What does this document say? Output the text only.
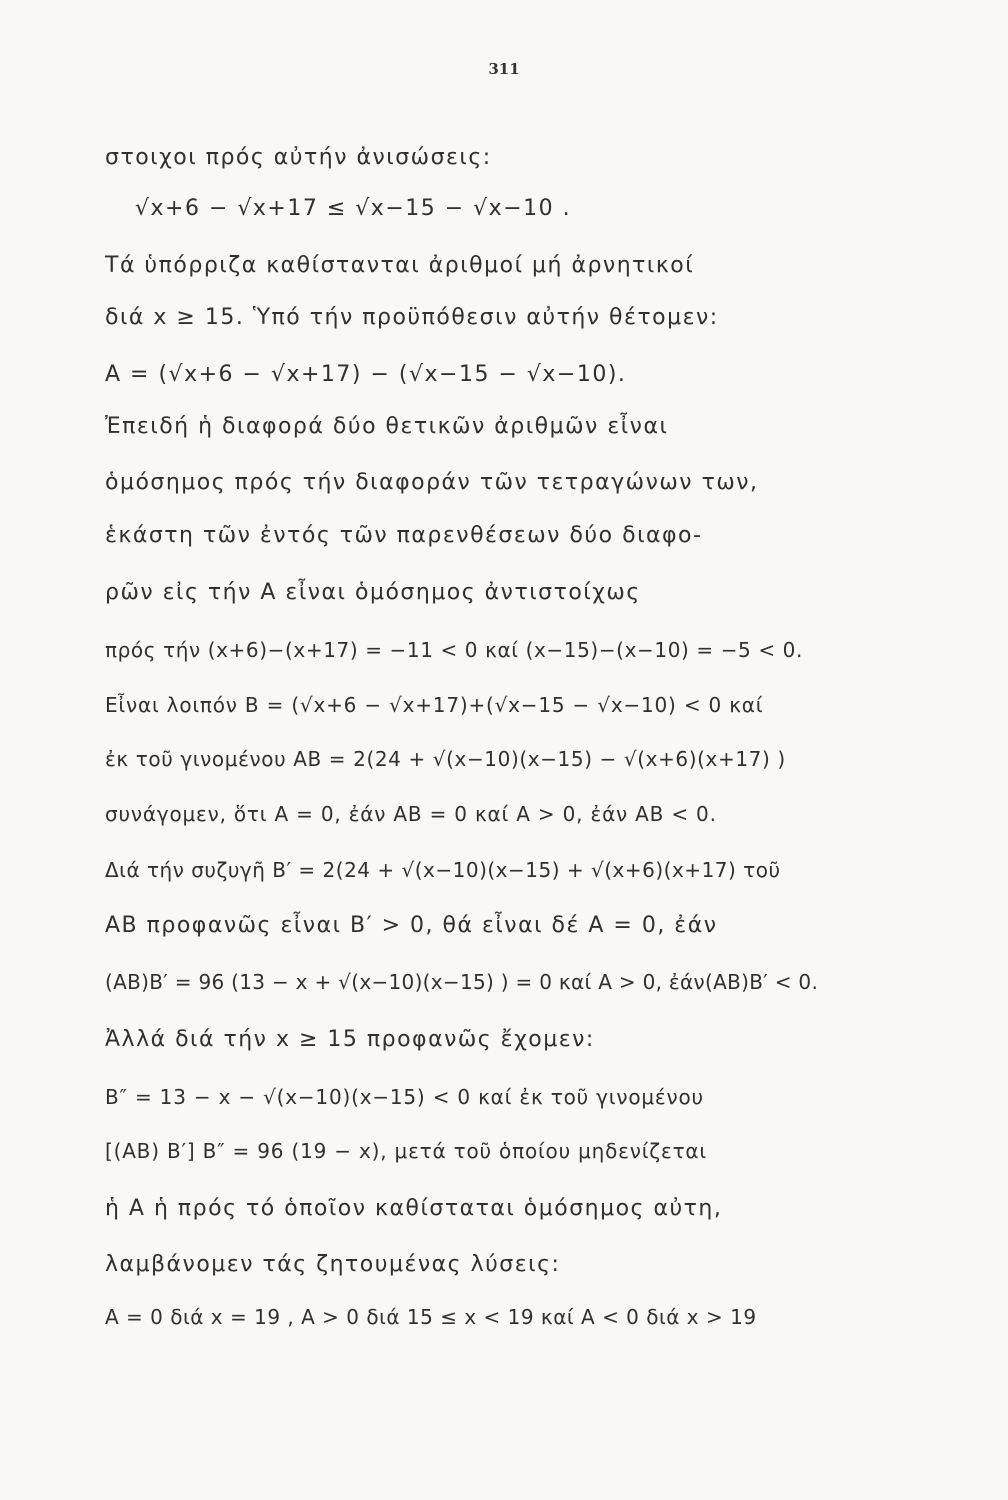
311
στοιχοι πρός αὐτήν ἀνισώσεις:
√x+6 − √x+17 ≤ √x−15 − √x−10 .
Τά ὑπόρριζα καθίστανται ἀριθμοί μή ἀρνητικοί
διά x ≥ 15. Ὑπό τήν προϋπόθεσιν αὐτήν θέτομεν:
A = (√x+6 − √x+17) − (√x−15 − √x−10).
Ἐπειδή ἡ διαφορά δύο θετικῶν ἀριθμῶν εἶναι
ὁμόσημος πρός τήν διαφοράν τῶν τετραγώνων των,
ἑκάστη τῶν ἐντός τῶν παρενθέσεων δύο διαφο-
ρῶν εἰς τήν A εἶναι ὁμόσημος ἀντιστοίχως
πρός τήν (x+6)−(x+17) = −11 < 0 καί (x−15)−(x−10) = −5 < 0.
Εἶναι λοιπόν B = (√x+6 − √x+17)+(√x−15 − √x−10) < 0 καί
ἐκ τοῦ γινομένου AB = 2(24 + √(x−10)(x−15) − √(x+6)(x+17) )
συνάγομεν, ὅτι A = 0, ἐάν AB = 0 καί A > 0, ἐάν AB < 0.
Διά τήν συζυγῆ B′ = 2(24 + √(x−10)(x−15) + √(x+6)(x+17) τοῦ
AB προφανῶς εἶναι B′ > 0, θά εἶναι δέ A = 0, ἐάν
(AB)B′ = 96 (13 − x + √(x−10)(x−15) ) = 0 καί A > 0, ἐάν(AB)B′ < 0.
Ἀλλά διά τήν x ≥ 15 προφανῶς ἔχομεν:
B″ = 13 − x − √(x−10)(x−15) < 0 καί ἐκ τοῦ γινομένου
[(AB) B′] B″ = 96 (19 − x), μετά τοῦ ὁποίου μηδενίζεται
ἡ A ἡ πρός τό ὁποῖον καθίσταται ὁμόσημος αὐτη,
λαμβάνομεν τάς ζητουμένας λύσεις:
A = 0 διά x = 19 , A > 0 διά 15 ≤ x < 19 καί A < 0 διά x > 19
